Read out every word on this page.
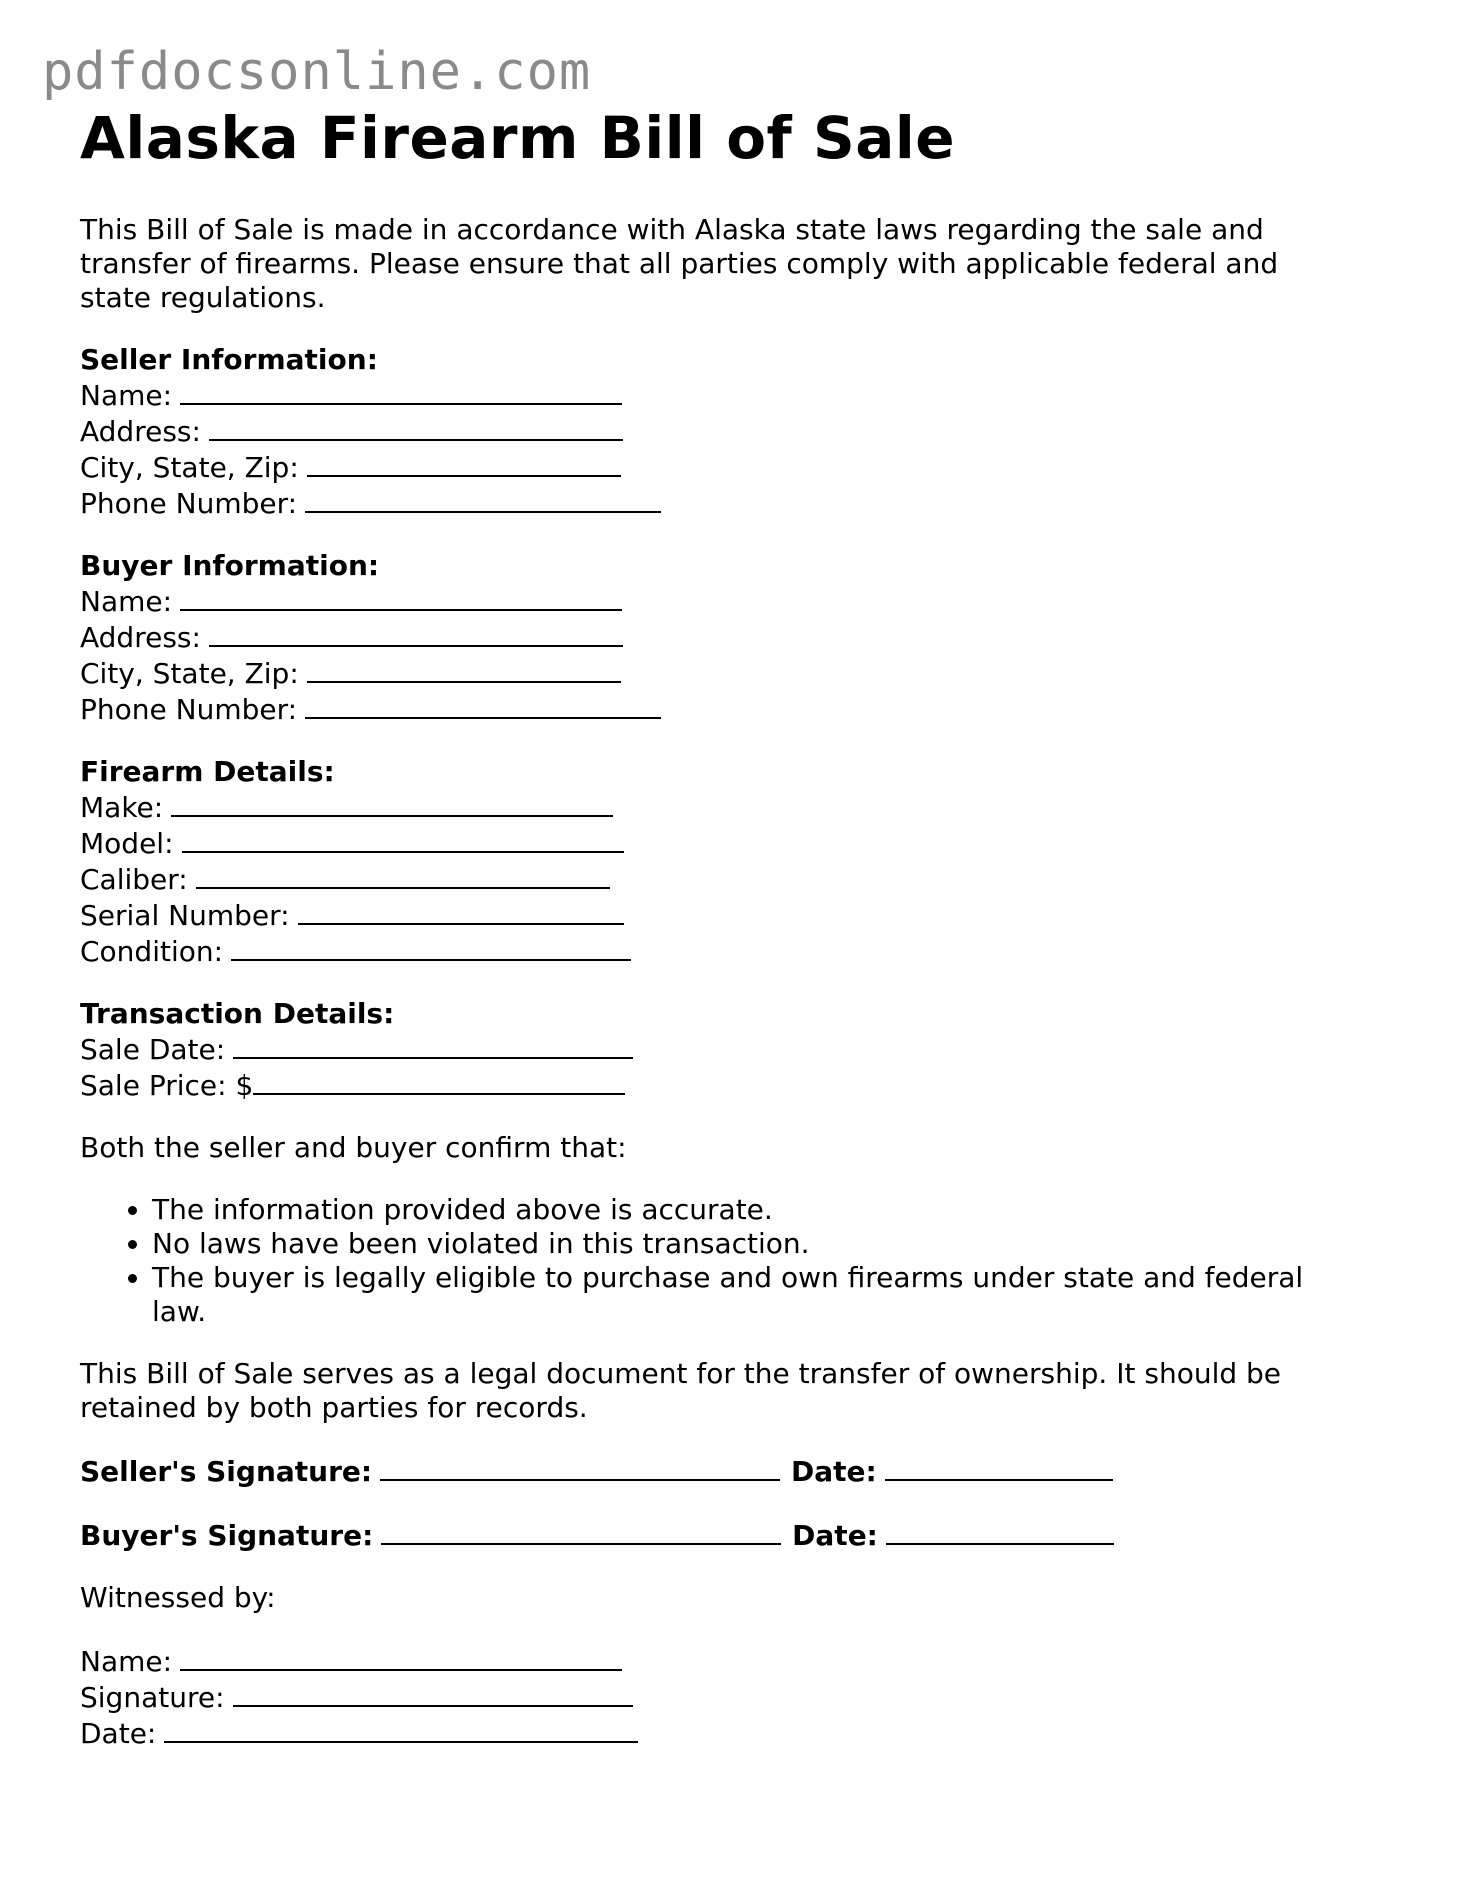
pdfdocsonline.com
Alaska Firearm Bill of Sale
This Bill of Sale is made in accordance with Alaska state laws regarding the sale and transfer of firearms. Please ensure that all parties comply with applicable federal and state regulations.
Seller Information:
Name:
Address:
City, State, Zip:
Phone Number:
Buyer Information:
Name:
Address:
City, State, Zip:
Phone Number:
Firearm Details:
Make:
Model:
Caliber:
Serial Number:
Condition:
Transaction Details:
Sale Date:
Sale Price: $
Both the seller and buyer confirm that:
• The information provided above is accurate.
• No laws have been violated in this transaction.
• The buyer is legally eligible to purchase and own firearms under state and federal law.
This Bill of Sale serves as a legal document for the transfer of ownership. It should be retained by both parties for records.
Seller's Signature:	Date:
Buyer's Signature:	Date:
Witnessed by:
Name:
Signature:
Date:
